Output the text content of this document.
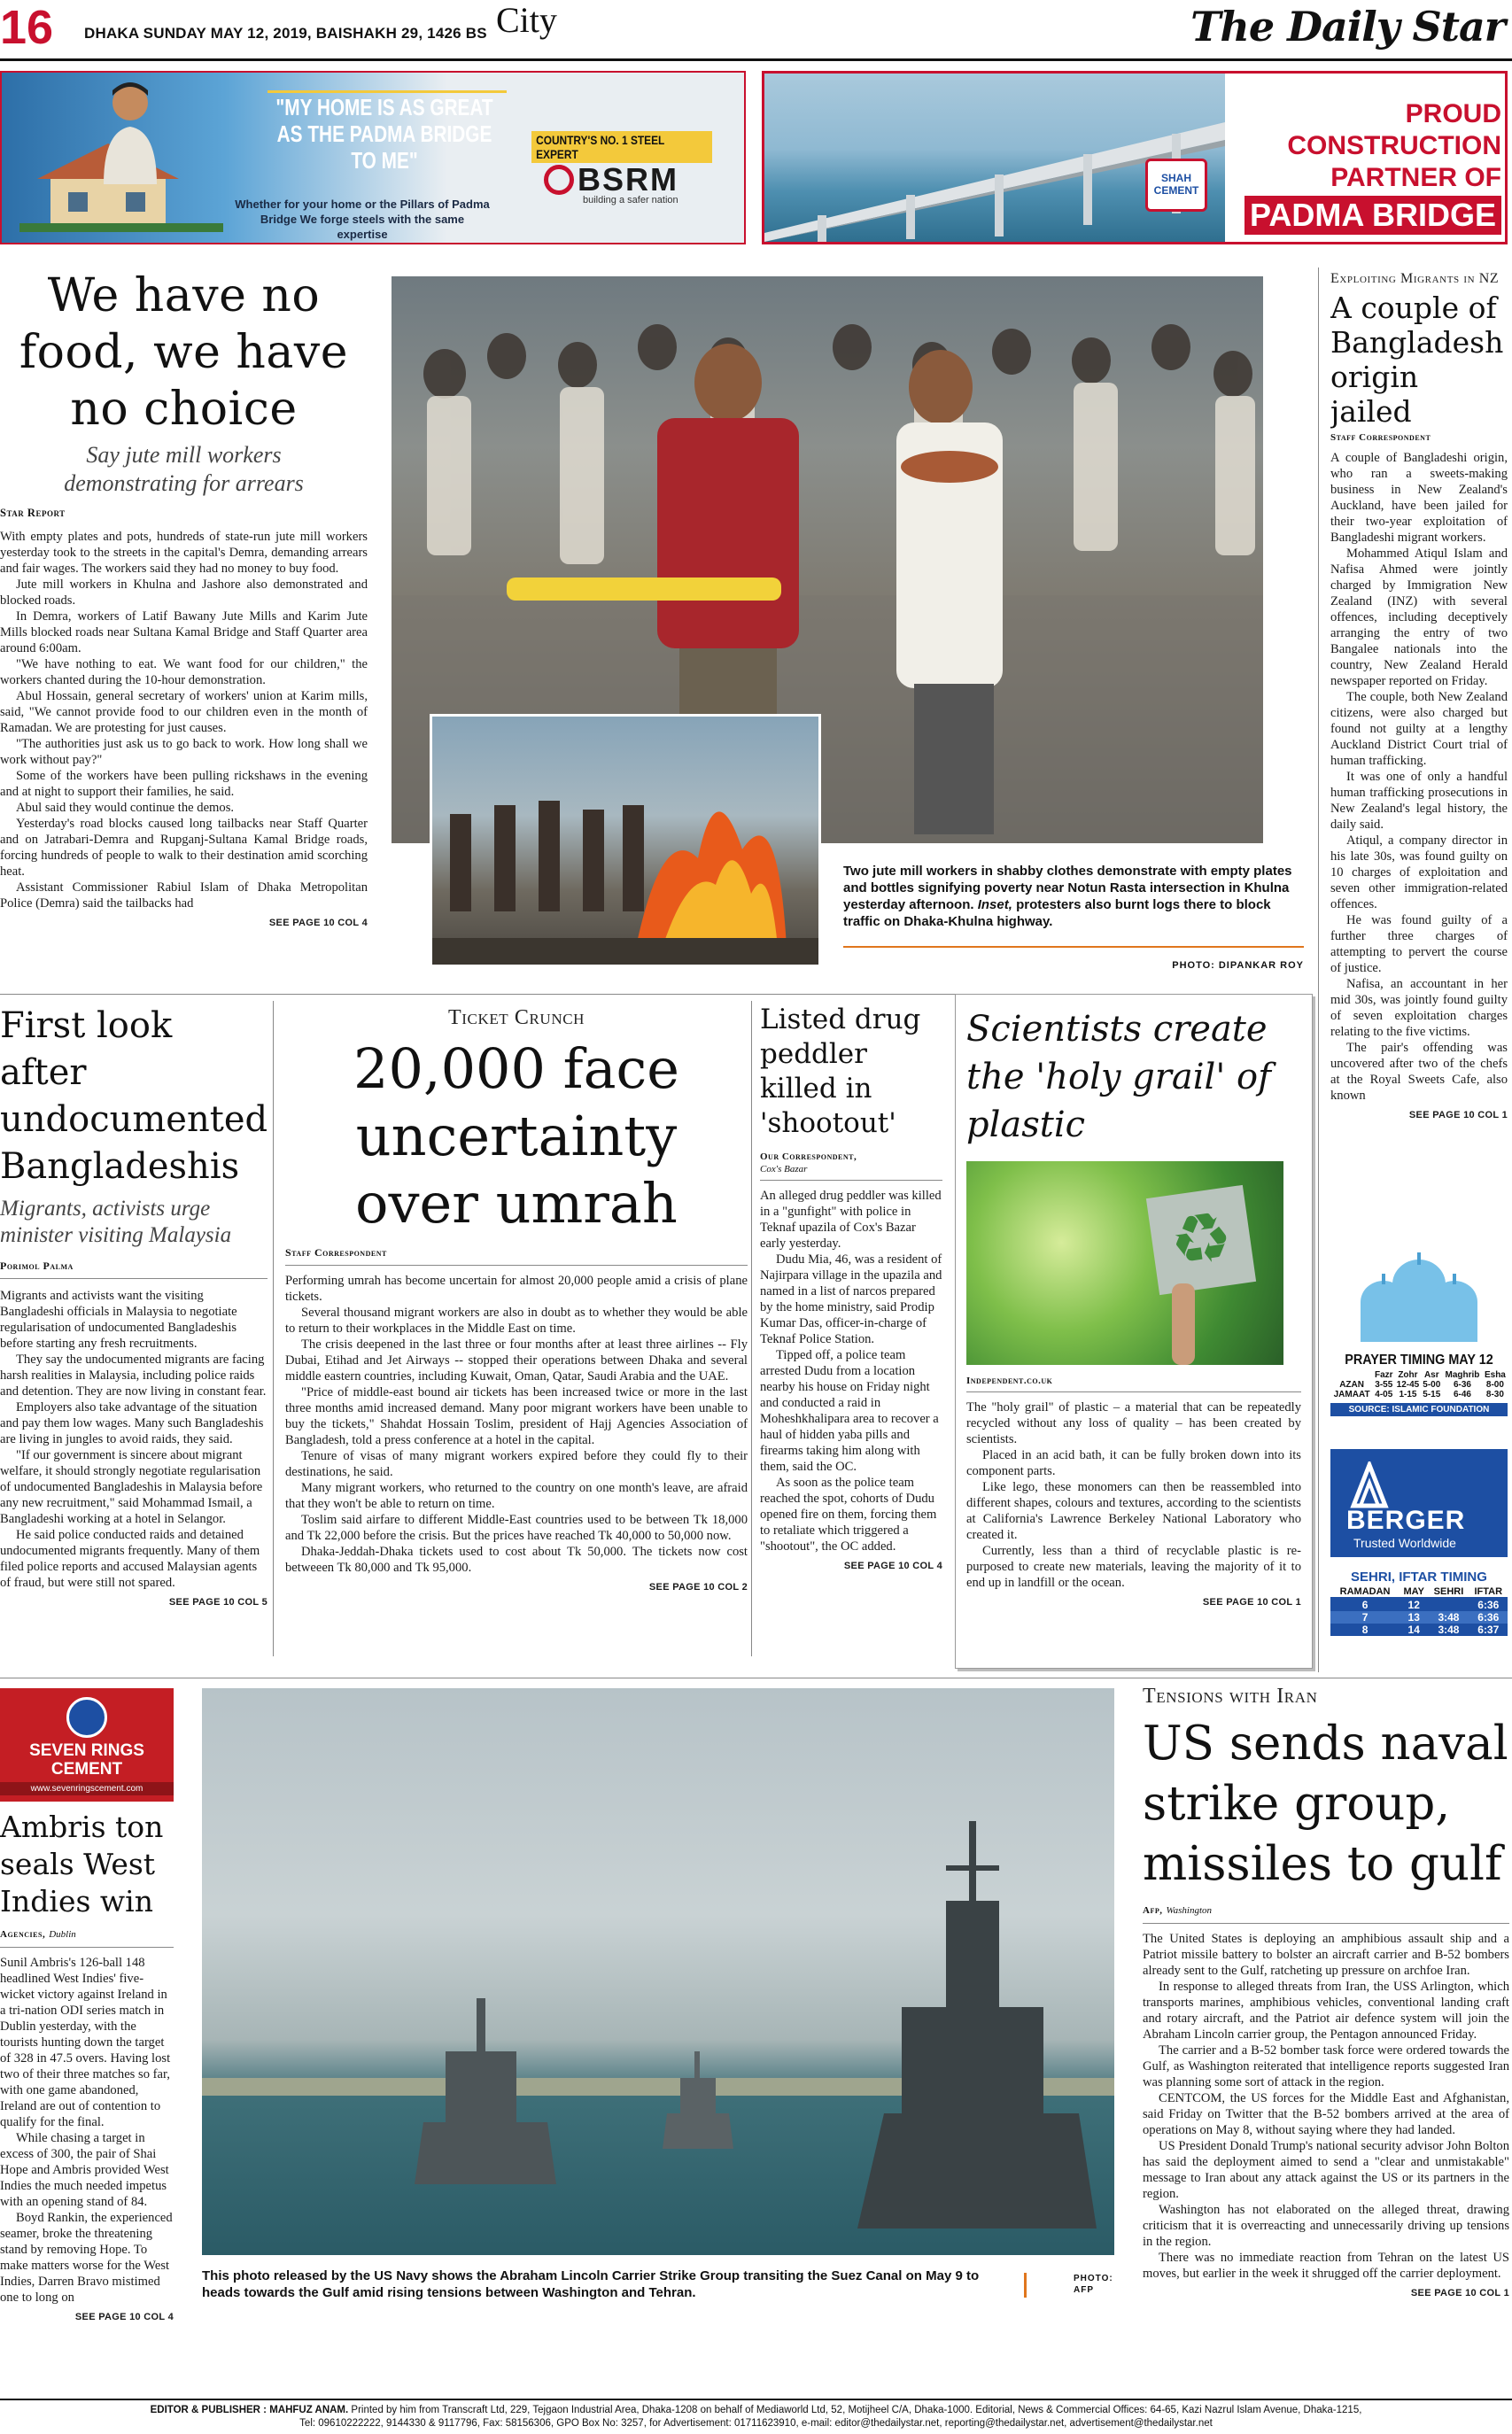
16 DHAKA SUNDAY MAY 12, 2019, BAISHAKH 29, 1426 BS City	The Daily Star
"MY HOME IS AS GREAT AS THE PADMA BRIDGE TO ME"
COUNTRY'S NO. 1 STEEL EXPERT
BSRM
building a safer nation
Whether for your home or the Pillars of Padma Bridge We forge steels with the same expertise
SHAH CEMENT
PROUD
CONSTRUCTION
PARTNER OF
PADMA BRIDGE
We have no food, we have no choice
Say jute mill workers demonstrating for arrears
Star Report

With empty plates and pots, hundreds of state-run jute mill workers yesterday took to the streets in the capital's Demra, demanding arrears and fair wages. The workers said they had no money to buy food.

Jute mill workers in Khulna and Jashore also demonstrated and blocked roads.

In Demra, workers of Latif Bawany Jute Mills and Karim Jute Mills blocked roads near Sultana Kamal Bridge and Staff Quarter area around 6:00am.

"We have nothing to eat. We want food for our children," the workers chanted during the 10-hour demonstration.

Abul Hossain, general secretary of workers' union at Karim mills, said, "We cannot provide food to our children even in the month of Ramadan. We are protesting for just causes.

"The authorities just ask us to go back to work. How long shall we work without pay?"

Some of the workers have been pulling rickshaws in the evening and at night to support their families, he said.

Abul said they would continue the demos.

Yesterday's road blocks caused long tailbacks near Staff Quarter and on Jatrabari-Demra and Rupganj-Sultana Kamal Bridge roads, forcing hundreds of people to walk to their destination amid scorching heat.

Assistant Commissioner Rabiul Islam of Dhaka Metropolitan Police (Demra) said the tailbacks had

SEE PAGE 10 COL 4
Two jute mill workers in shabby clothes demonstrate with empty plates and bottles signifying poverty near Notun Rasta intersection in Khulna yesterday afternoon. Inset, protesters also burnt logs there to block traffic on Dhaka-Khulna highway.
PHOTO: DIPANKAR ROY
Exploiting Migrants in NZ
A couple of Bangladesh origin jailed
Staff Correspondent

A couple of Bangladeshi origin, who ran a sweets-making business in New Zealand's Auckland, have been jailed for their two-year exploitation of Bangladeshi migrant workers.

Mohammed Atiqul Islam and Nafisa Ahmed were jointly charged by Immigration New Zealand (INZ) with several offences, including deceptively arranging the entry of two Bangalee nationals into the country, New Zealand Herald newspaper reported on Friday.

The couple, both New Zealand citizens, were also charged but found not guilty at a lengthy Auckland District Court trial of human trafficking.

It was one of only a handful human trafficking prosecutions in New Zealand's legal history, the daily said.

Atiqul, a company director in his late 30s, was found guilty on 10 charges of exploitation and seven other immigration-related offences.

He was found guilty of a further three charges of attempting to pervert the course of justice.

Nafisa, an accountant in her mid 30s, was jointly found guilty of seven exploitation charges relating to the five victims.

The pair's offending was uncovered after two of the chefs at the Royal Sweets Cafe, also known

SEE PAGE 10 COL 1
PRAYER TIMING MAY 12
	Fazr	Zohr	Asr	Maghrib	Esha
AZAN	3-55	12-45	5-00	6-36	8-00
JAMAAT	4-05	1-15	5-15	6-46	8-30
SOURCE: ISLAMIC FOUNDATION
BERGER
Trusted Worldwide
SEHRI, IFTAR TIMING
RAMADAN	MAY	SEHRI	IFTAR
6	12		6:36
7	13	3:48	6:36
8	14	3:48	6:37
First look after undocumented Bangladeshis
Migrants, activists urge minister visiting Malaysia
Porimol Palma

Migrants and activists want the visiting Bangladeshi officials in Malaysia to negotiate regularisation of undocumented Bangladeshis before starting any fresh recruitments.

They say the undocumented migrants are facing harsh realities in Malaysia, including police raids and detention. They are now living in constant fear.

Employers also take advantage of the situation and pay them low wages. Many such Bangladeshis are living in jungles to avoid raids, they said.

"If our government is sincere about migrant welfare, it should strongly negotiate regularisation of undocumented Bangladeshis in Malaysia before any new recruitment," said Mohammad Ismail, a Bangladeshi working at a hotel in Selangor.

He said police conducted raids and detained undocumented migrants frequently. Many of them filed police reports and accused Malaysian agents of fraud, but were still not spared.

SEE PAGE 10 COL 5
Ticket Crunch
20,000 face uncertainty over umrah
Staff Correspondent

Performing umrah has become uncertain for almost 20,000 people amid a crisis of plane tickets.

Several thousand migrant workers are also in doubt as to whether they would be able to return to their workplaces in the Middle East on time.

The crisis deepened in the last three or four months after at least three airlines -- Fly Dubai, Etihad and Jet Airways -- stopped their operations between Dhaka and several middle eastern countries, including Kuwait, Oman, Qatar, Saudi Arabia and the UAE.

"Price of middle-east bound air tickets has been increased twice or more in the last three months amid increased demand. Many poor migrant workers have been unable to buy the tickets," Shahdat Hossain Toslim, president of Hajj Agencies Association of Bangladesh, told a press conference at a hotel in the capital.

Tenure of visas of many migrant workers expired before they could fly to their destinations, he said.

Many migrant workers, who returned to the country on one month's leave, are afraid that they won't be able to return on time.

Toslim said airfare to different Middle-East countries used to be between Tk 18,000 and Tk 22,000 before the crisis. But the prices have reached Tk 40,000 to 50,000 now.

Dhaka-Jeddah-Dhaka tickets used to cost about Tk 50,000. The tickets now cost betweeen Tk 80,000 and Tk 95,000.

SEE PAGE 10 COL 2
Listed drug peddler killed in 'shootout'
Our Correspondent,
Cox's Bazar

An alleged drug peddler was killed in a "gunfight" with police in Teknaf upazila of Cox's Bazar early yesterday.

Dudu Mia, 46, was a resident of Najirpara village in the upazila and named in a list of narcos prepared by the home ministry, said Prodip Kumar Das, officer-in-charge of Teknaf Police Station.

Tipped off, a police team arrested Dudu from a location nearby his house on Friday night and conducted a raid in Moheshkhalipara area to recover a haul of hidden yaba pills and firearms taking him along with them, said the OC.

As soon as the police team reached the spot, cohorts of Dudu opened fire on them, forcing them to retaliate which triggered a "shootout", the OC added.

SEE PAGE 10 COL 4
Scientists create the 'holy grail' of plastic
♻
Independent.co.uk

The "holy grail" of plastic – a material that can be repeatedly recycled without any loss of quality – has been created by scientists.

Placed in an acid bath, it can be fully broken down into its component parts.

Like lego, these monomers can then be reassembled into different shapes, colours and textures, according to the scientists at California's Lawrence Berkeley National Laboratory who created it.

Currently, less than a third of recyclable plastic is re-purposed to create new materials, leaving the majority of it to end up in landfill or the ocean.

SEE PAGE 10 COL 1
SEVEN RINGS CEMENT
www.sevenringscement.com
Ambris ton seals West Indies win
Agencies, Dublin

Sunil Ambris's 126-ball 148 headlined West Indies' five-wicket victory against Ireland in a tri-nation ODI series match in Dublin yesterday, with the tourists hunting down the target of 328 in 47.5 overs. Having lost two of their three matches so far, with one game abandoned, Ireland are out of contention to qualify for the final.

While chasing a target in excess of 300, the pair of Shai Hope and Ambris provided West Indies the much needed impetus with an opening stand of 84.

Boyd Rankin, the experienced seamer, broke the threatening stand by removing Hope. To make matters worse for the West Indies, Darren Bravo mistimed one to long on

SEE PAGE 10 COL 4
This photo released by the US Navy shows the Abraham Lincoln Carrier Strike Group transiting the Suez Canal on May 9 to heads towards the Gulf amid rising tensions between Washington and Tehran.
PHOTO: AFP
Tensions with Iran
US sends naval strike group, missiles to gulf
Afp, Washington

The United States is deploying an amphibious assault ship and a Patriot missile battery to bolster an aircraft carrier and B-52 bombers already sent to the Gulf, ratcheting up pressure on archfoe Iran.

In response to alleged threats from Iran, the USS Arlington, which transports marines, amphibious vehicles, conventional landing craft and rotary aircraft, and the Patriot air defence system will join the Abraham Lincoln carrier group, the Pentagon announced Friday.

The carrier and a B-52 bomber task force were ordered towards the Gulf, as Washington reiterated that intelligence reports suggested Iran was planning some sort of attack in the region.

CENTCOM, the US forces for the Middle East and Afghanistan, said Friday on Twitter that the B-52 bombers arrived at the area of operations on May 8, without saying where they had landed.

US President Donald Trump's national security advisor John Bolton has said the deployment aimed to send a "clear and unmistakable" message to Iran about any attack against the US or its partners in the region.

Washington has not elaborated on the alleged threat, drawing criticism that it is overreacting and unnecessarily driving up tensions in the region.

There was no immediate reaction from Tehran on the latest US moves, but earlier in the week it shrugged off the carrier deployment.

SEE PAGE 10 COL 1
EDITOR & PUBLISHER : MAHFUZ ANAM. Printed by him from Transcraft Ltd, 229, Tejgaon Industrial Area, Dhaka-1208 on behalf of Mediaworld Ltd, 52, Motijheel C/A, Dhaka-1000. Editorial, News & Commercial Offices: 64-65, Kazi Nazrul Islam Avenue, Dhaka-1215,
Tel: 09610222222, 9144330 & 9117796, Fax: 58156306, GPO Box No: 3257, for Advertisement: 01711623910, e-mail: editor@thedailystar.net, reporting@thedailystar.net, advertisement@thedailystar.net
